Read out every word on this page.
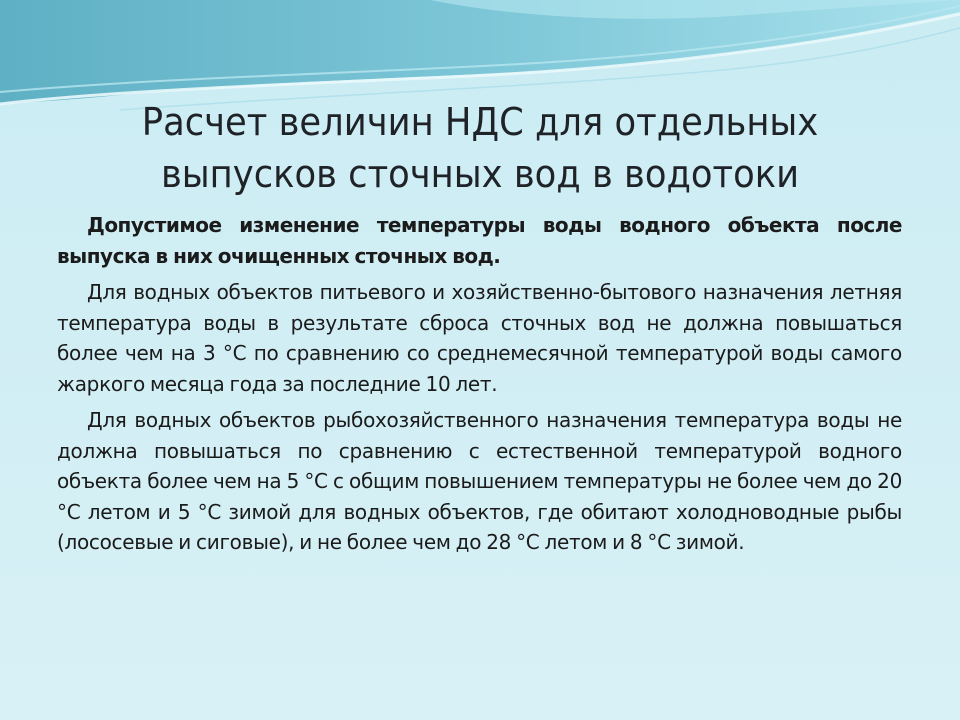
Расчет величин НДС для отдельных выпусков сточных вод в водотоки

Допустимое изменение температуры воды водного объекта после выпуска в них очищенных сточных вод.

Для водных объектов питьевого и хозяйственно-бытового назначения летняя температура воды в результате сброса сточных вод не должна повышаться более чем на 3 °С по сравнению со среднемесячной температурой воды самого жаркого месяца года за последние 10 лет.

Для водных объектов рыбохозяйственного назначения температура воды не должна повышаться по сравнению с естественной температурой водного объекта более чем на 5 °С с общим повышением температуры не более чем до 20 °С летом и 5 °С зимой для водных объектов, где обитают холодноводные рыбы (лососевые и сиговые), и не более чем до 28 °С летом и 8 °С зимой.
